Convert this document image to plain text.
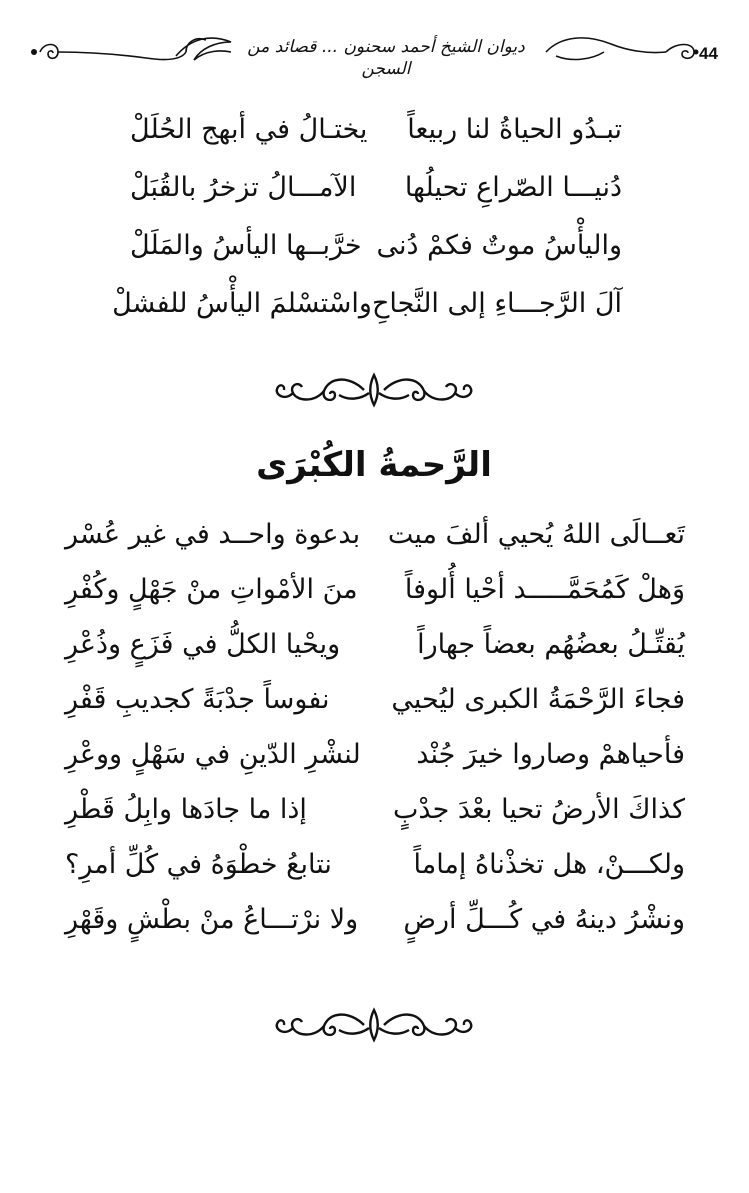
ديوان الشيخ أحمد سحنون ... قصائد من السجن
44
تبـدُو الحياةُ لنا ربيعاً
يختـالُ في أبهج الحُلَلْ
دُنيـــا الصّراعِ تحيلُها
الآمـــالُ تزخرُ بالقُبَلْ
واليأْسُ موتٌ فكمْ دُنى
خرَّبــها اليأسُ والمَلَلْ
آلَ الرَّجـــاءِ إلى النَّجاحِ
واسْتسْلمَ اليأْسُ للفشلْ
الرَّحمةُ الكُبْرَى
تَعــالَى اللهُ يُحيي ألفَ ميت
بدعوة واحــد في غير عُسْر
وَهلْ كَمُحَمَّـــــد أحْيا أُلوفاً
منَ الأمْواتِ منْ جَهْلٍ وكُفْرِ
يُقتِّـلُ بعضُهُم بعضاً جهاراً
ويحْيا الكلُّ في فَزَعٍ وذُعْرِ
فجاءَ الرَّحْمَةُ الكبرى ليُحيي
نفوساً جدْبَةً كجديبِ قَفْرِ
فأحياهمْ وصاروا خيرَ جُنْد
لنشْرِ الدّينِ في سَهْلٍ ووعْرِ
كذاكَ الأرضُ تحيا بعْدَ جدْبٍ
إذا ما جادَها وابِلُ قَطْرِ
ولكـــنْ، هل تخذْناهُ إماماً
نتابعُ خطْوَهُ في كُلِّ أمرِ؟
ونشْرُ دينهُ في كُـــلِّ أرضٍ
ولا نرْتـــاعُ منْ بطْشٍ وقَهْرِ
